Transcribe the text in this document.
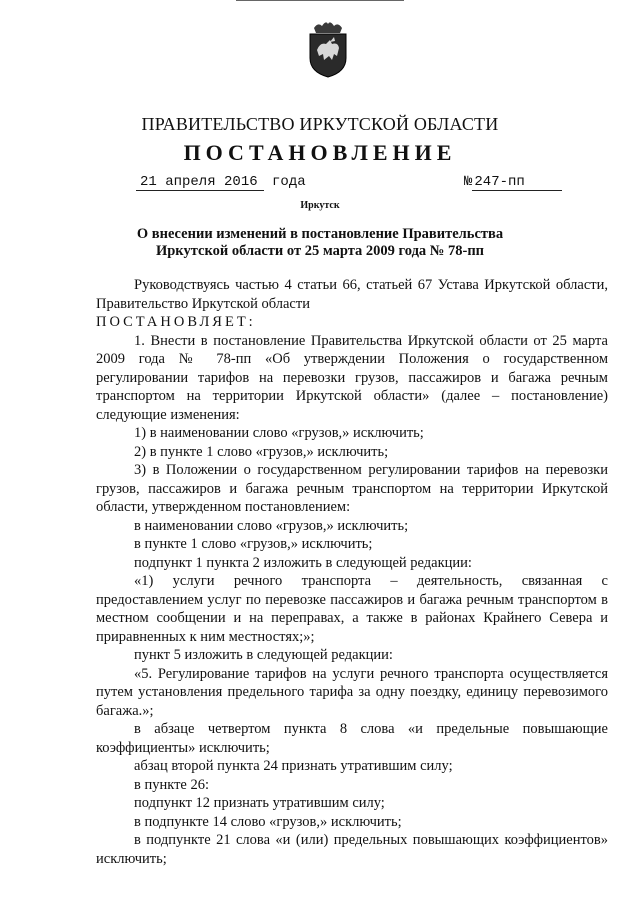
ПРАВИТЕЛЬСТВО ИРКУТСКОЙ ОБЛАСТИ
ПОСТАНОВЛЕНИЕ
21 апреля 2016 года	№ 247-пп
Иркутск
О внесении изменений в постановление Правительства Иркутской области от 25 марта 2009 года № 78-пп

Руководствуясь частью 4 статьи 66, статьей 67 Устава Иркутской области, Правительство Иркутской области

ПОСТАНОВЛЯЕТ:

1. Внести в постановление Правительства Иркутской области от 25 марта 2009 года № 78-пп «Об утверждении Положения о государственном регулировании тарифов на перевозки грузов, пассажиров и багажа речным транспортом на территории Иркутской области» (далее – постановление) следующие изменения:

1) в наименовании слово «грузов,» исключить;

2) в пункте 1 слово «грузов,» исключить;

3) в Положении о государственном регулировании тарифов на перевозки грузов, пассажиров и багажа речным транспортом на территории Иркутской области, утвержденном постановлением:

в наименовании слово «грузов,» исключить;

в пункте 1 слово «грузов,» исключить;

подпункт 1 пункта 2 изложить в следующей редакции:

«1) услуги речного транспорта – деятельность, связанная с предоставлением услуг по перевозке пассажиров и багажа речным транспортом в местном сообщении и на переправах, а также в районах Крайнего Севера и приравненных к ним местностях;»;

пункт 5 изложить в следующей редакции:

«5. Регулирование тарифов на услуги речного транспорта осуществляется путем установления предельного тарифа за одну поездку, единицу перевозимого багажа.»;

в абзаце четвертом пункта 8 слова «и предельные повышающие коэффициенты» исключить;

абзац второй пункта 24 признать утратившим силу;

в пункте 26:

подпункт 12 признать утратившим силу;

в подпункте 14 слово «грузов,» исключить;

в подпункте 21 слова «и (или) предельных повышающих коэффициентов» исключить;
